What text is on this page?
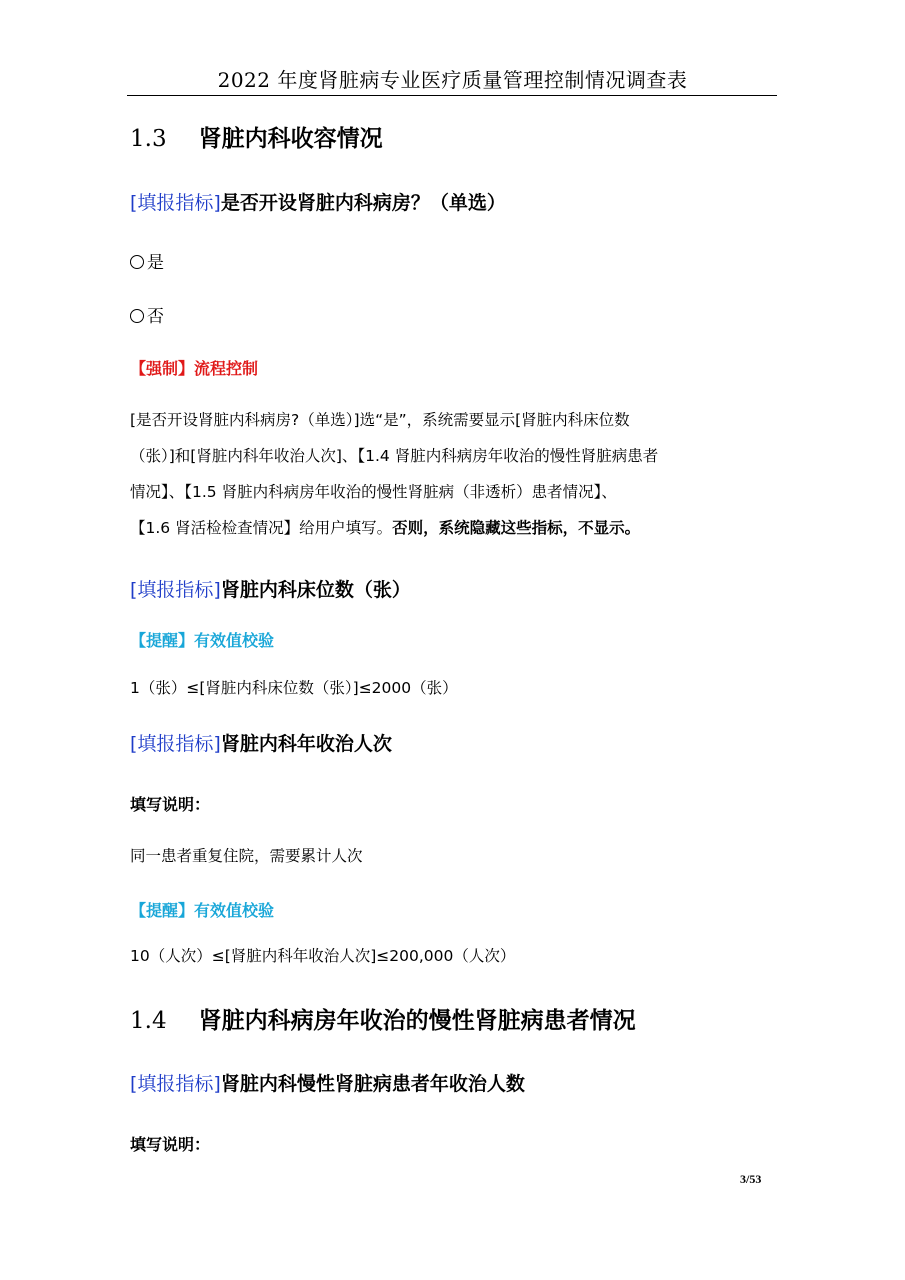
2022 年度肾脏病专业医疗质量管理控制情况调查表
1.3 肾脏内科收容情况
[填报指标]是否开设肾脏内科病房？（单选）
是
否
【强制】流程控制
[是否开设肾脏内科病房?（单选）]选“是”，系统需要显示[肾脏内科床位数
（张）]和[肾脏内科年收治人次]、【1.4 肾脏内科病房年收治的慢性肾脏病患者
情况】、【1.5 肾脏内科病房年收治的慢性肾脏病（非透析）患者情况】、
【1.6 肾活检检查情况】给用户填写。否则，系统隐藏这些指标，不显示。
[填报指标]肾脏内科床位数（张）
【提醒】有效值校验
1（张）≤[肾脏内科床位数（张）]≤2000（张）
[填报指标]肾脏内科年收治人次
填写说明：
同一患者重复住院，需要累计人次
【提醒】有效值校验
10（人次）≤[肾脏内科年收治人次]≤200,000（人次）
1.4 肾脏内科病房年收治的慢性肾脏病患者情况
[填报指标]肾脏内科慢性肾脏病患者年收治人数
填写说明：
3/53
